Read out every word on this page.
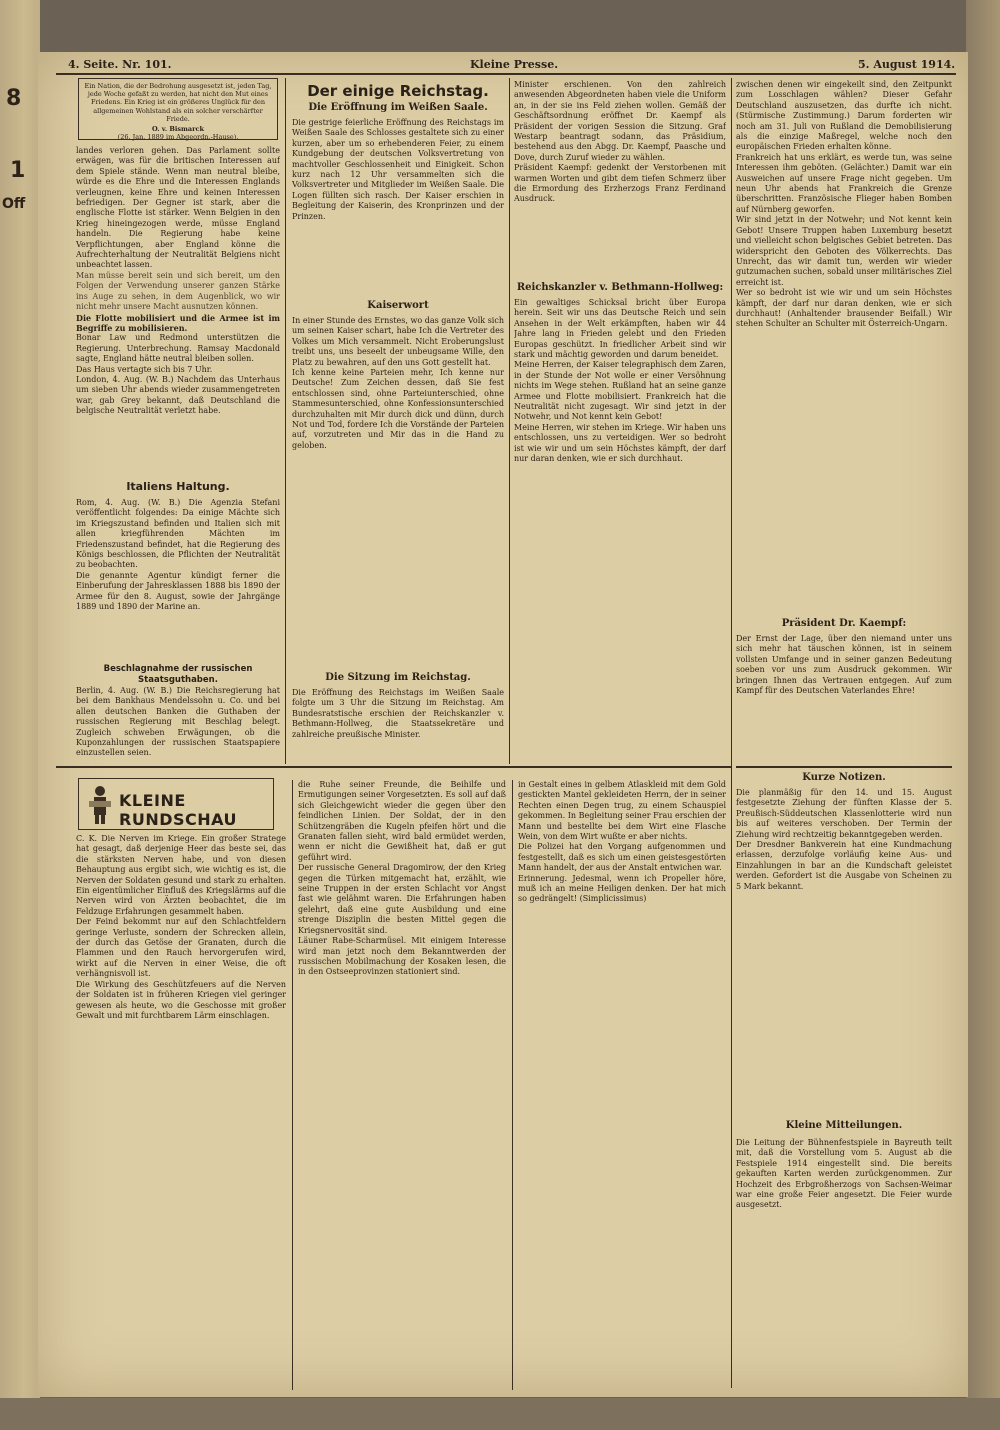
8
1
Off
4. Seite. Nr. 101.	Kleine Presse.	5. August 1914.
Ein Nation, die der Bedrohung ausgesetzt ist, jeden Tag, jede Woche gefaßt zu werden, hat nicht den Mut eines Friedens. Ein Krieg ist ein größeres Unglück für den allgemeinen Wohlstand als ein solcher verschärfter Friede.
O. v. Bismarck
(26. Jan. 1889 im Abgeordn.-Hause).

landes verloren gehen. Das Parlament sollte erwägen, was für die britischen Interessen auf dem Spiele stände. Wenn man neutral bleibe, würde es die Ehre und die Interessen Englands verleugnen, keine Ehre und keinen Interessen befriedigen. Der Gegner ist stark, aber die englische Flotte ist stärker. Wenn Belgien in den Krieg hineingezogen werde, müsse England handeln. Die Regierung habe keine Verpflichtungen, aber England könne die Aufrechterhaltung der Neutralität Belgiens nicht unbeachtet lassen.

Man müsse bereit sein und sich bereit, um den Folgen der Verwendung unserer ganzen Stärke ins Auge zu sehen, in dem Augenblick, wo wir nicht mehr unsere Macht ausnutzen können.

Die Flotte mobilisiert und die Armee ist im Begriffe zu mobilisieren.

Bonar Law und Redmond unterstützen die Regierung. Unterbrechung. Ramsay Macdonald sagte, England hätte neutral bleiben sollen.

Das Haus vertagte sich bis 7 Uhr.

London, 4. Aug. (W. B.) Nachdem das Unterhaus um sieben Uhr abends wieder zusammengetreten war, gab Grey bekannt, daß Deutschland die belgische Neutralität verletzt habe.

Italiens Haltung.

Rom, 4. Aug. (W. B.) Die Agenzia Stefani veröffentlicht folgendes: Da einige Mächte sich im Kriegszustand befinden und Italien sich mit allen kriegführenden Mächten im Friedenszustand befindet, hat die Regierung des Königs beschlossen, die Pflichten der Neutralität zu beobachten.

Die genannte Agentur kündigt ferner die Einberufung der Jahresklassen 1888 bis 1890 der Armee für den 8. August, sowie der Jahrgänge 1889 und 1890 der Marine an.

Beschlagnahme der russischen Staatsguthaben.

Berlin, 4. Aug. (W. B.) Die Reichsregierung hat bei dem Bankhaus Mendelssohn u. Co. und bei allen deutschen Banken die Guthaben der russischen Regierung mit Beschlag belegt. Zugleich schweben Erwägungen, ob die Kuponzahlungen der russischen Staatspapiere einzustellen seien.

Der einige Reichstag.
Die Eröffnung im Weißen Saale.

Die gestrige feierliche Eröffnung des Reichstags im Weißen Saale des Schlosses gestaltete sich zu einer kurzen, aber um so erhebenderen Feier, zu einem Kundgebung der deutschen Volksvertretung von machtvoller Geschlossenheit und Einigkeit. Schon kurz nach 12 Uhr versammelten sich die Volksvertreter und Mitglieder im Weißen Saale. Die Logen füllten sich rasch. Der Kaiser erschien in Begleitung der Kaiserin, des Kronprinzen und der Prinzen.

Kaiserwort

In einer Stunde des Ernstes, wo das ganze Volk sich um seinen Kaiser schart, habe Ich die Vertreter des Volkes um Mich versammelt. Nicht Eroberungslust treibt uns, uns beseelt der unbeugsame Wille, den Platz zu bewahren, auf den uns Gott gestellt hat.

Ich kenne keine Parteien mehr, Ich kenne nur Deutsche! Zum Zeichen dessen, daß Sie fest entschlossen sind, ohne Parteiunterschied, ohne Stammesunterschied, ohne Konfessionsunterschied durchzuhalten mit Mir durch dick und dünn, durch Not und Tod, fordere Ich die Vorstände der Parteien auf, vorzutreten und Mir das in die Hand zu geloben.

Die Sitzung im Reichstag.

Die Eröffnung des Reichstags im Weißen Saale folgte um 3 Uhr die Sitzung im Reichstag. Am Bundesratstische erschien der Reichskanzler v. Bethmann-Hollweg, die Staatssekretäre und zahlreiche preußische Minister.

Minister erschienen. Von den zahlreich anwesenden Abgeordneten haben viele die Uniform an, in der sie ins Feld ziehen wollen. Gemäß der Geschäftsordnung eröffnet Dr. Kaempf als Präsident der vorigen Session die Sitzung. Graf Westarp beantragt sodann, das Präsidium, bestehend aus den Abgg. Dr. Kaempf, Paasche und Dove, durch Zuruf wieder zu wählen.

Präsident Kaempf: gedenkt der Verstorbenen mit warmen Worten und gibt dem tiefen Schmerz über die Ermordung des Erzherzogs Franz Ferdinand Ausdruck.

Reichskanzler v. Bethmann-Hollweg:

Ein gewaltiges Schicksal bricht über Europa herein. Seit wir uns das Deutsche Reich und sein Ansehen in der Welt erkämpften, haben wir 44 Jahre lang in Frieden gelebt und den Frieden Europas geschützt. In friedlicher Arbeit sind wir stark und mächtig geworden und darum beneidet.

Meine Herren, der Kaiser telegraphisch dem Zaren, in der Stunde der Not wolle er einer Versöhnung nichts im Wege stehen. Rußland hat an seine ganze Armee und Flotte mobilisiert. Frankreich hat die Neutralität nicht zugesagt. Wir sind jetzt in der Notwehr, und Not kennt kein Gebot!

Meine Herren, wir stehen im Kriege. Wir haben uns entschlossen, uns zu verteidigen. Wer so bedroht ist wie wir und um sein Höchstes kämpft, der darf nur daran denken, wie er sich durchhaut.

zwischen denen wir eingekeilt sind, den Zeitpunkt zum Losschlagen wählen? Dieser Gefahr Deutschland auszusetzen, das durfte ich nicht. (Stürmische Zustimmung.) Darum forderten wir noch am 31. Juli von Rußland die Demobilisierung als die einzige Maßregel, welche noch den europäischen Frieden erhalten könne.

Frankreich hat uns erklärt, es werde tun, was seine Interessen ihm geböten. (Gelächter.) Damit war ein Ausweichen auf unsere Frage nicht gegeben. Um neun Uhr abends hat Frankreich die Grenze überschritten. Französische Flieger haben Bomben auf Nürnberg geworfen.

Wir sind jetzt in der Notwehr; und Not kennt kein Gebot! Unsere Truppen haben Luxemburg besetzt und vielleicht schon belgisches Gebiet betreten. Das widerspricht den Geboten des Völkerrechts. Das Unrecht, das wir damit tun, werden wir wieder gutzumachen suchen, sobald unser militärisches Ziel erreicht ist.

Wer so bedroht ist wie wir und um sein Höchstes kämpft, der darf nur daran denken, wie er sich durchhaut! (Anhaltender brausender Beifall.) Wir stehen Schulter an Schulter mit Österreich-Ungarn.

Präsident Dr. Kaempf:

Der Ernst der Lage, über den niemand unter uns sich mehr hat täuschen können, ist in seinem vollsten Umfange und in seiner ganzen Bedeutung soeben vor uns zum Ausdruck gekommen. Wir bringen Ihnen das Vertrauen entgegen. Auf zum Kampf für des Deutschen Vaterlandes Ehre!

KLEINE RUNDSCHAU

C. K. Die Nerven im Kriege. Ein großer Stratege hat gesagt, daß derjenige Heer das beste sei, das die stärksten Nerven habe, und von diesen Behauptung aus ergibt sich, wie wichtig es ist, die Nerven der Soldaten gesund und stark zu erhalten. Ein eigentümlicher Einfluß des Kriegslärms auf die Nerven wird von Ärzten beobachtet, die im Feldzuge Erfahrungen gesammelt haben.

Der Feind bekommt nur auf den Schlachtfeldern geringe Verluste, sondern der Schrecken allein, der durch das Getöse der Granaten, durch die Flammen und den Rauch hervorgerufen wird, wirkt auf die Nerven in einer Weise, die oft verhängnisvoll ist.

Die Wirkung des Geschützfeuers auf die Nerven der Soldaten ist in früheren Kriegen viel geringer gewesen als heute, wo die Geschosse mit großer Gewalt und mit furchtbarem Lärm einschlagen.

die Ruhe seiner Freunde, die Beihilfe und Ermutigungen seiner Vorgesetzten. Es soll auf daß sich Gleichgewicht wieder die gegen über den feindlichen Linien. Der Soldat, der in den Schützengräben die Kugeln pfeifen hört und die Granaten fallen sieht, wird bald ermüdet werden, wenn er nicht die Gewißheit hat, daß er gut geführt wird.

Der russische General Dragomirow, der den Krieg gegen die Türken mitgemacht hat, erzählt, wie seine Truppen in der ersten Schlacht vor Angst fast wie gelähmt waren. Die Erfahrungen haben gelehrt, daß eine gute Ausbildung und eine strenge Disziplin die besten Mittel gegen die Kriegsnervosität sind.

Läuner Rabe-Scharmüsel. Mit einigem Interesse wird man jetzt noch dem Bekanntwerden der russischen Mobilmachung der Kosaken lesen, die in den Ostseeprovinzen stationiert sind.

in Gestalt eines in gelbem Atlaskleid mit dem Gold gestickten Mantel gekleideten Herrn, der in seiner Rechten einen Degen trug, zu einem Schauspiel gekommen. In Begleitung seiner Frau erschien der Mann und bestellte bei dem Wirt eine Flasche Wein, von dem Wirt wußte er aber nichts.

Die Polizei hat den Vorgang aufgenommen und festgestellt, daß es sich um einen geistesgestörten Mann handelt, der aus der Anstalt entwichen war.

Erinnerung. Jedesmal, wenn ich Propeller höre, muß ich an meine Heiligen denken. Der hat mich so gedrängelt! (Simplicissimus)

Kurze Notizen.

Die planmäßig für den 14. und 15. August festgesetzte Ziehung der fünften Klasse der 5. Preußisch-Süddeutschen Klassenlotterie wird nun bis auf weiteres verschoben. Der Termin der Ziehung wird rechtzeitig bekanntgegeben werden.

Der Dresdner Bankverein hat eine Kundmachung erlassen, derzufolge vorläufig keine Aus- und Einzahlungen in bar an die Kundschaft geleistet werden. Gefordert ist die Ausgabe von Scheinen zu 5 Mark bekannt.

Kleine Mitteilungen.

Die Leitung der Bühnenfestspiele in Bayreuth teilt mit, daß die Vorstellung vom 5. August ab die Festspiele 1914 eingestellt sind. Die bereits gekauften Karten werden zurückgenommen. Zur Hochzeit des Erbgroßherzogs von Sachsen-Weimar war eine große Feier angesetzt. Die Feier wurde ausgesetzt.
